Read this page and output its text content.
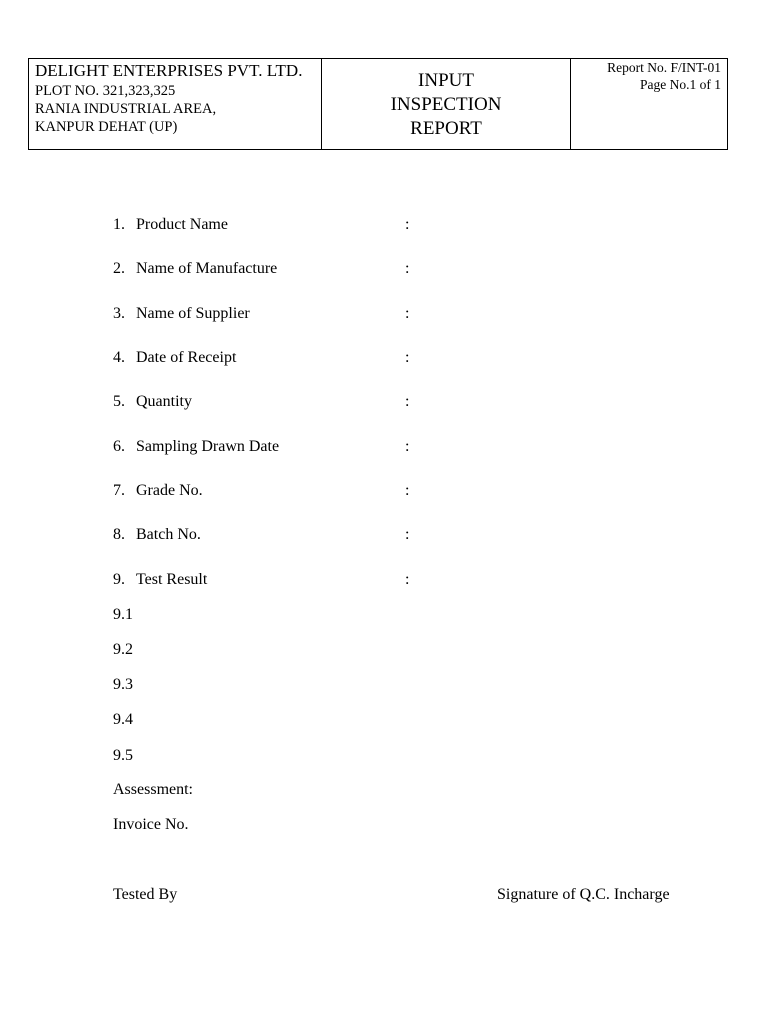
DELIGHT ENTERPRISES PVT. LTD.
PLOT NO. 321,323,325
RANIA INDUSTRIAL AREA,
KANPUR DEHAT (UP)
INPUT
INSPECTION
REPORT
Report No. F/INT-01
Page No.1 of 1
1. Product Name	:
2. Name of Manufacture	:
3. Name of Supplier	:
4. Date of Receipt	:
5. Quantity	:
6. Sampling Drawn Date	:
7. Grade No.	:
8. Batch No.	:
9. Test Result	:
9.1
9.2
9.3
9.4
9.5
Assessment:
Invoice No.
Tested By	Signature of Q.C. Incharge
